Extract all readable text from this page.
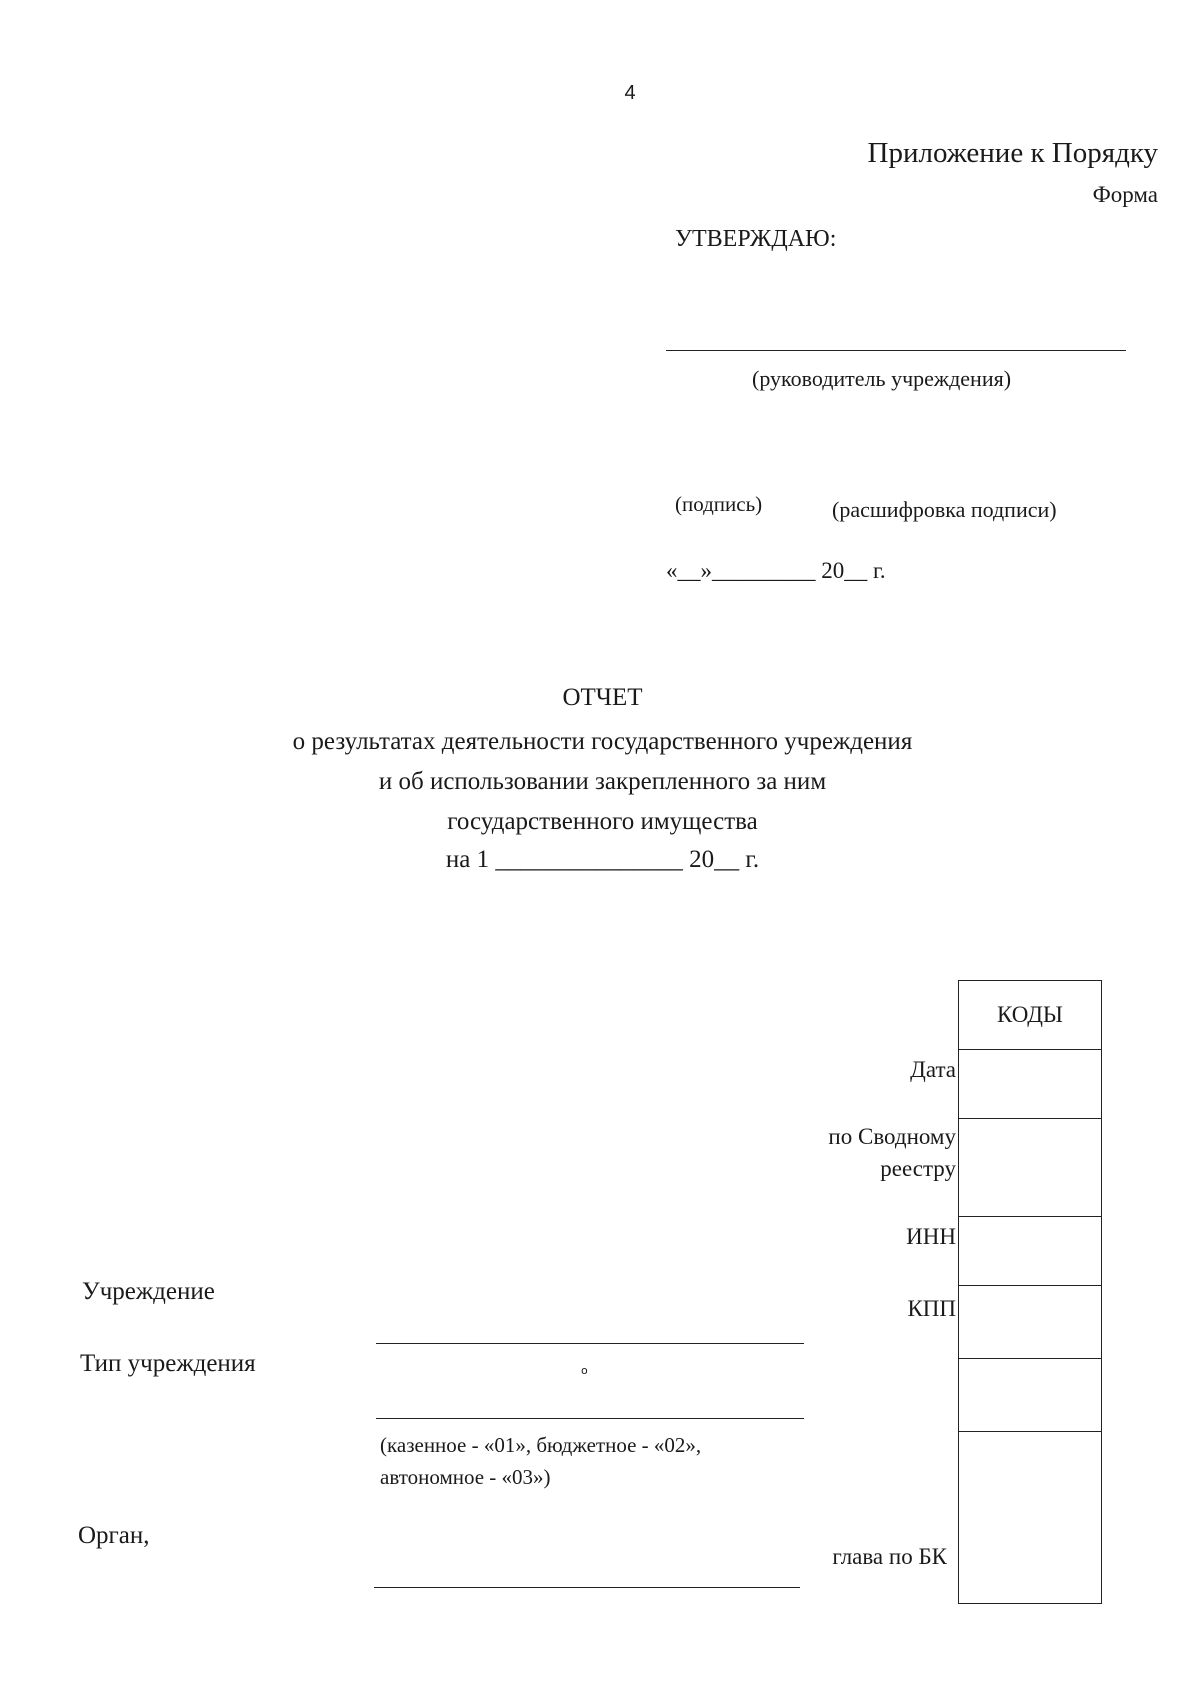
4
Приложение к Порядку
Форма
УТВЕРЖДАЮ:
(руководитель учреждения)
(подпись)	(расшифровка подписи)
«__»_________ 20__ г.
ОТЧЕТ
о результатах деятельности государственного учреждения
и об использовании закрепленного за ним
государственного имущества
на 1 _______________ 20__ г.
КОДЫ
Дата
по Сводному
реестру
ИНН
КПП
глава по БК
Учреждение
Тип учреждения	o
(казенное - «01», бюджетное - «02», автономное - «03»)
Орган,
